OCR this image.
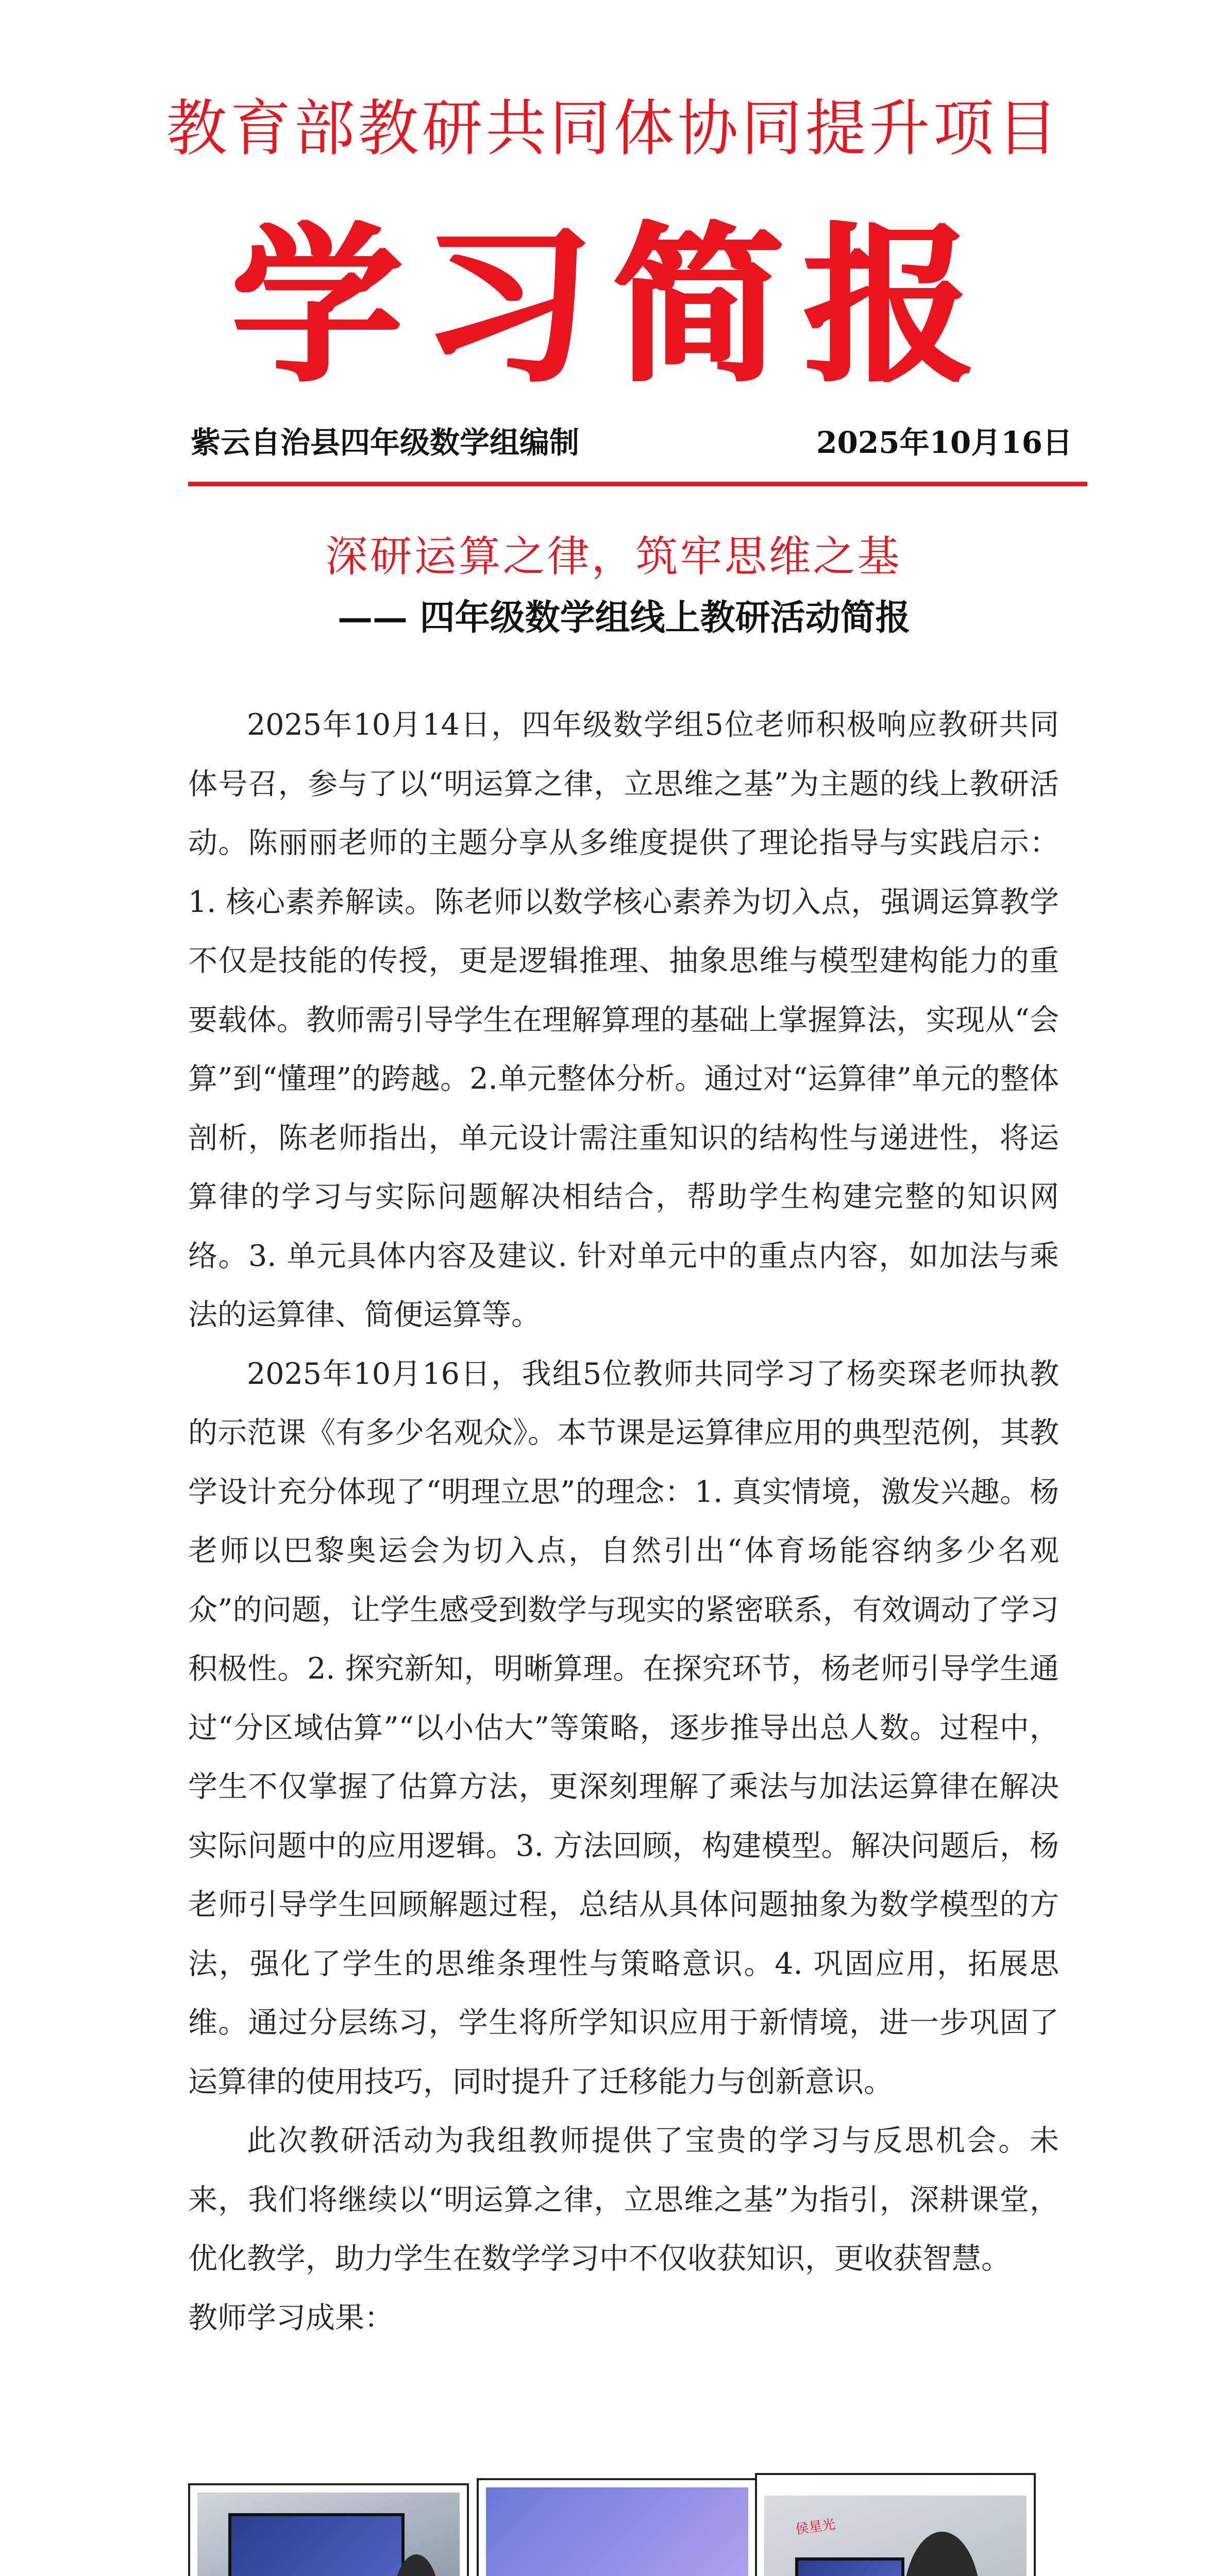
教育部教研共同体协同提升项目
学习简报
紫云自治县四年级数学组编制	2025年10月16日
深研运算之律，筑牢思维之基
—— 四年级数学组线上教研活动简报

2025年10月14日，四年级数学组5位老师积极响应教研共同体号召，参与了以“明运算之律，立思维之基”为主题的线上教研活动。陈丽丽老师的主题分享从多维度提供了理论指导与实践启示：1. 核心素养解读。陈老师以数学核心素养为切入点，强调运算教学不仅是技能的传授，更是逻辑推理、抽象思维与模型建构能力的重要载体。教师需引导学生在理解算理的基础上掌握算法，实现从“会算”到“懂理”的跨越。2.单元整体分析。通过对“运算律”单元的整体剖析，陈老师指出，单元设计需注重知识的结构性与递进性，将运算律的学习与实际问题解决相结合，帮助学生构建完整的知识网络。3. 单元具体内容及建议. 针对单元中的重点内容，如加法与乘法的运算律、简便运算等。

2025年10月16日，我组5位教师共同学习了杨奕琛老师执教的示范课《有多少名观众》。本节课是运算律应用的典型范例，其教学设计充分体现了“明理立思”的理念：1. 真实情境，激发兴趣。杨老师以巴黎奥运会为切入点，自然引出“体育场能容纳多少名观众”的问题，让学生感受到数学与现实的紧密联系，有效调动了学习积极性。2. 探究新知，明晰算理。在探究环节，杨老师引导学生通过“分区域估算”“以小估大”等策略，逐步推导出总人数。过程中，学生不仅掌握了估算方法，更深刻理解了乘法与加法运算律在解决实际问题中的应用逻辑。3. 方法回顾，构建模型。解决问题后，杨老师引导学生回顾解题过程，总结从具体问题抽象为数学模型的方法，强化了学生的思维条理性与策略意识。4. 巩固应用，拓展思维。通过分层练习，学生将所学知识应用于新情境，进一步巩固了运算律的使用技巧，同时提升了迁移能力与创新意识。

此次教研活动为我组教师提供了宝贵的学习与反思机会。未来，我们将继续以“明运算之律，立思维之基”为指引，深耕课堂，优化教学，助力学生在数学学习中不仅收获知识，更收获智慧。

教师学习成果：

侯星光
